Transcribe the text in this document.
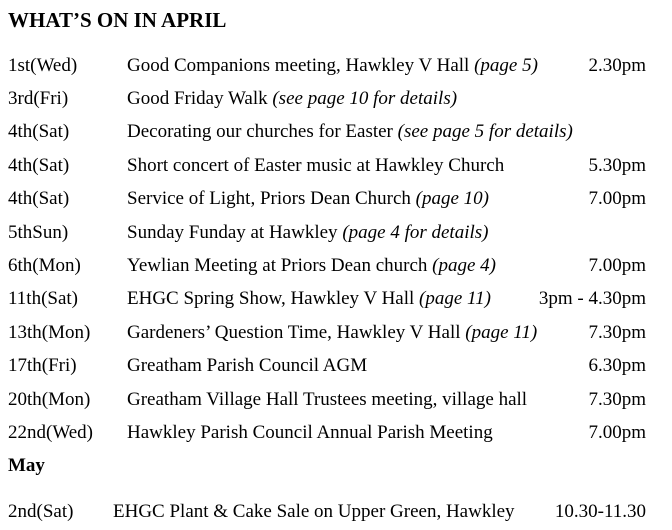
WHAT’S ON IN APRIL
1st(Wed)	Good Companions meeting, Hawkley V Hall (page 5)	2.30pm
3rd(Fri)	Good Friday Walk (see page 10 for details)
4th(Sat)	Decorating our churches for Easter (see page 5 for details)
4th(Sat)	Short concert of Easter music at Hawkley Church	5.30pm
4th(Sat)	Service of Light, Priors Dean Church (page 10)	7.00pm
5thSun)	Sunday Funday at Hawkley (page 4 for details)
6th(Mon)	Yewlian Meeting at Priors Dean church (page 4)	7.00pm
11th(Sat)	EHGC Spring Show, Hawkley V Hall (page 11)	3pm - 4.30pm
13th(Mon)	Gardeners’ Question Time, Hawkley V Hall (page 11)	7.30pm
17th(Fri)	Greatham Parish Council AGM	6.30pm
20th(Mon)	Greatham Village Hall Trustees meeting, village hall	7.30pm
22nd(Wed)	Hawkley Parish Council Annual Parish Meeting	7.00pm
May
2nd(Sat)	EHGC Plant & Cake Sale on Upper Green, Hawkley	10.30-11.30
